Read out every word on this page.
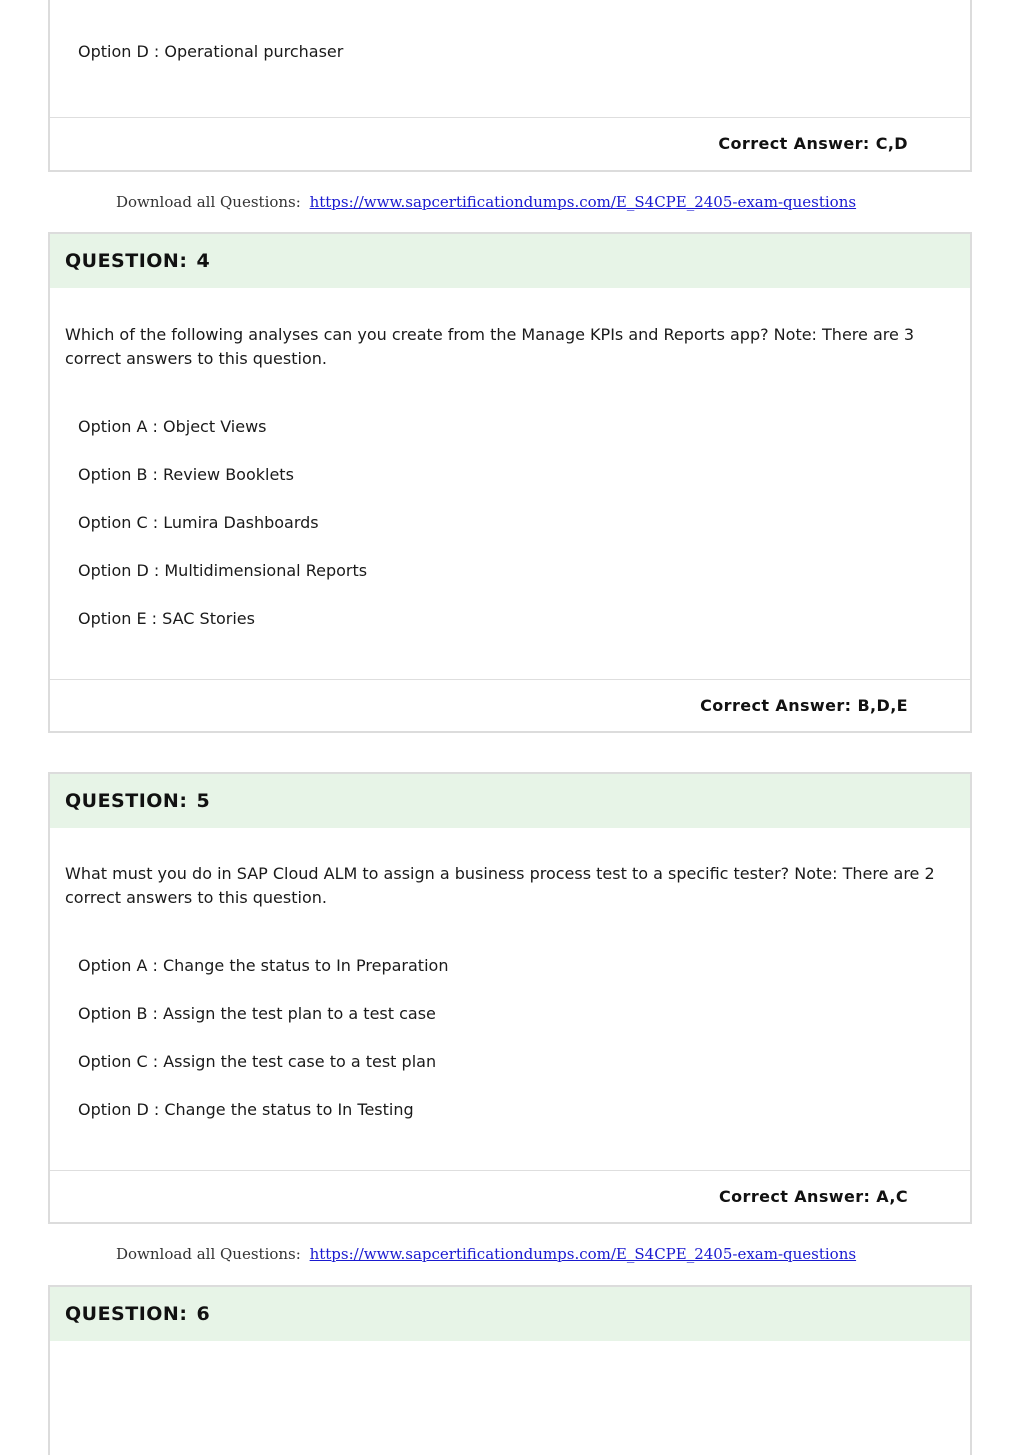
Option D : Operational purchaser
Correct Answer: C,D
Download all Questions: https://www.sapcertificationdumps.com/E_S4CPE_2405-exam-questions
QUESTION: 4
Which of the following analyses can you create from the Manage KPIs and Reports app? Note: There are 3 correct answers to this question.
Option A : Object Views
Option B : Review Booklets
Option C : Lumira Dashboards
Option D : Multidimensional Reports
Option E : SAC Stories
Correct Answer: B,D,E
QUESTION: 5
What must you do in SAP Cloud ALM to assign a business process test to a specific tester? Note: There are 2 correct answers to this question.
Option A : Change the status to In Preparation
Option B : Assign the test plan to a test case
Option C : Assign the test case to a test plan
Option D : Change the status to In Testing
Correct Answer: A,C
Download all Questions: https://www.sapcertificationdumps.com/E_S4CPE_2405-exam-questions
QUESTION: 6
